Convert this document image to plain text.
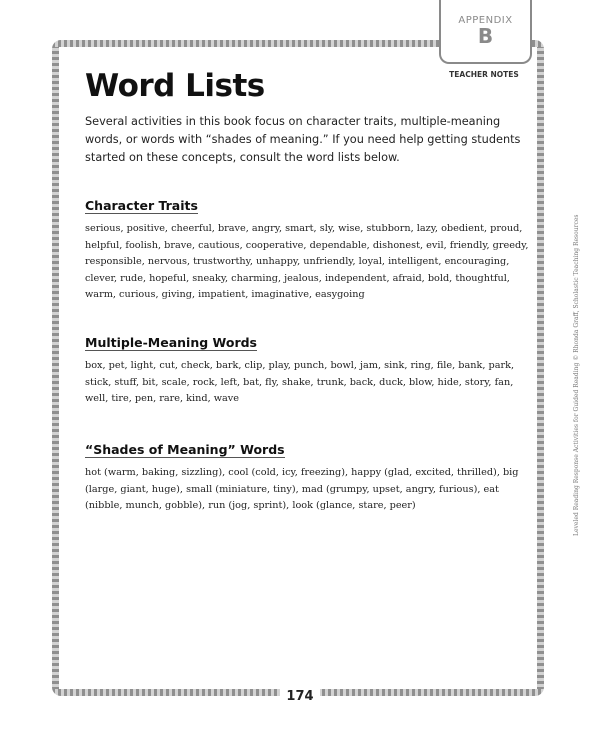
APPENDIX
B
TEACHER NOTES
Word Lists

Several activities in this book focus on character traits, multiple-meaning words, or words with “shades of meaning.” If you need help getting students started on these concepts, consult the word lists below.

Character Traits

serious, positive, cheerful, brave, angry, smart, sly, wise, stubborn, lazy, obedient, proud, helpful, foolish, brave, cautious, cooperative, dependable, dishonest, evil, friendly, greedy, responsible, nervous, trustworthy, unhappy, unfriendly, loyal, intelligent, encouraging, clever, rude, hopeful, sneaky, charming, jealous, independent, afraid, bold, thoughtful, warm, curious, giving, impatient, imaginative, easygoing

Multiple-Meaning Words

box, pet, light, cut, check, bark, clip, play, punch, bowl, jam, sink, ring, file, bank, park, stick, stuff, bit, scale, rock, left, bat, fly, shake, trunk, back, duck, blow, hide, story, fan, well, tire, pen, rare, kind, wave

“Shades of Meaning” Words

hot (warm, baking, sizzling), cool (cold, icy, freezing), happy (glad, excited, thrilled), big (large, giant, huge), small (miniature, tiny), mad (grumpy, upset, angry, furious), eat (nibble, munch, gobble), run (jog, sprint), look (glance, stare, peer)

174
Leveled Reading Response Activities for Guided Reading © Rhonda Graff, Scholastic Teaching Resources
